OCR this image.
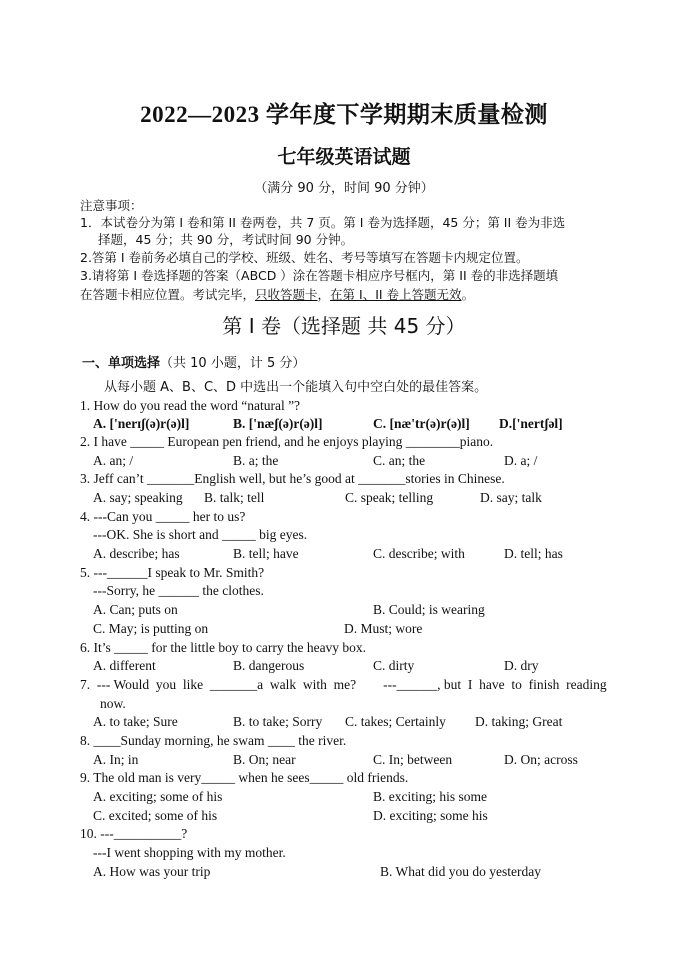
2022—2023 学年度下学期期末质量检测
七年级英语试题
（满分 90 分，时间 90 分钟）
注意事项：
1．本试卷分为第 I 卷和第 II 卷两卷，共 7 页。第 I 卷为选择题，45 分；第 II 卷为非选
择题，45 分；共 90 分，考试时间 90 分钟。
2.答第 I 卷前务必填自己的学校、班级、姓名、考号等填写在答题卡内规定位置。
3.请将第 I 卷选择题的答案（ABCD ）涂在答题卡相应序号框内，第 II 卷的非选择题填
在答题卡相应位置。考试完毕，只收答题卡，在第 I、II 卷上答题无效。
第 I 卷（选择题 共 45 分）
一、单项选择（共 10 小题，计 5 分）
从每小题 A、B、C、D 中选出一个能填入句中空白处的最佳答案。
1. How do you read the word “natural ”?
A. ['nerɪʃ(ə)r(ə)l]	B. ['næʃ(ə)r(ə)l]	C. [næ'tr(ə)r(ə)l] D.['nertʃəl]
2. I have _____ European pen friend, and he enjoys playing ________piano.
A. an; /	B. a; the	C. an; the	D. a; /
3. Jeff can’t _______English well, but he’s good at _______stories in Chinese.
A. say; speaking B. talk; tell	C. speak; telling	D. say; talk
4. ---Can you _____ her to us?
---OK. She is short and _____ big eyes.
A. describe; has	B. tell; have	C. describe; with	D. tell; has
5. ---______I speak to Mr. Smith?
---Sorry, he ______ the clothes.
A. Can; puts on	B. Could; is wearing
C. May; is putting on	D. Must; wore
6. It’s _____ for the little boy to carry the heavy box.
A. different	B. dangerous	C. dirty	D. dry
7.  --- Would  you  like  _______a  walk  with  me?        ---______, but  I  have  to  finish  reading
now.
A. to take; Sure	B. to take; Sorry C. takes; Certainly D. taking; Great
8. ____Sunday morning, he swam ____ the river.
A. In; in	B. On; near	C. In; between	D. On; across
9. The old man is very_____ when he sees_____ old friends.
A. exciting; some of his	B. exciting; his some
C. excited; some of his	D. exciting; some his
10. ---__________?
---I went shopping with my mother.
A. How was your trip	B. What did you do yesterday
